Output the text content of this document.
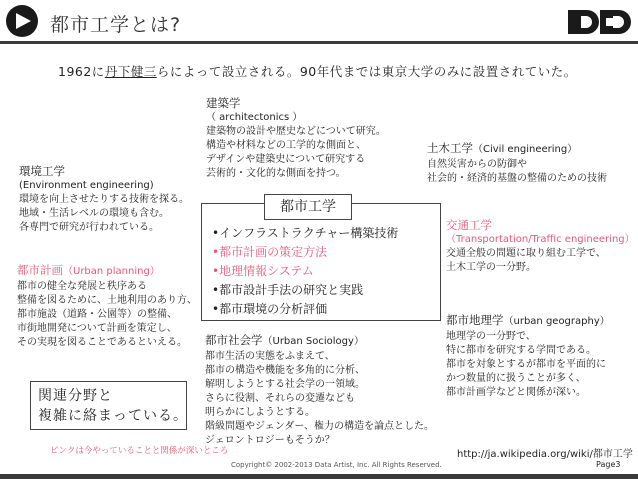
都市工学とは?
1962に丹下健三らによって設立される。90年代までは東京大学のみに設置されていた。
建築学
（ architectonics ）
建築物の設計や歴史などについて研究。
構造や材料などの工学的な側面と、
デザインや建築史について研究する
芸術的・文化的な側面を持つ。
土木工学（Civil engineering）
自然災害からの防御や
社会的・経済的基盤の整備のための技術
環境工学
(Environment engineering)
環境を向上させたりする技術を探る。
地域・生活レベルの環境も含む。
各専門で研究が行われている。
都市計画（Urban planning）
都市の健全な発展と秩序ある
整備を図るために、土地利用のあり方、
都市施設（道路・公園等）の整備、
市街地開発について計画を策定し、
その実現を図ることであるといえる。
交通工学
（Transportation/Traffic engineering）
交通全般の問題に取り組む工学で、
土木工学の一分野。
都市地理学（urban geography）
地理学の一分野で、
特に都市を研究する学問である。
都市を対象とするが都市を平面的に
かつ数量的に扱うことが多く、
都市計画学などと関係が深い。
都市社会学（Urban Sociology）
都市生活の実態をふまえて、
都市の構造や機能を多角的に分析、
解明しようとする社会学の一領域。
さらに役割、それらの変遷なども
明らかにしようとする。
階級問題やジェンダー、権力の構造を論点とした。
ジェロントロジーもそうか？
都市工学
•インフラストラクチャー構築技術
•都市計画の策定方法
•地理情報システム
•都市設計手法の研究と実践
•都市環境の分析評価
関連分野と
複雑に絡まっている。
ピンクは今やっていることと関係が深いところ	http://ja.wikipedia.org/wiki/都市工学
Copyright© 2002-2013 Data Artist, Inc. All Rights Reserved.	Page3
